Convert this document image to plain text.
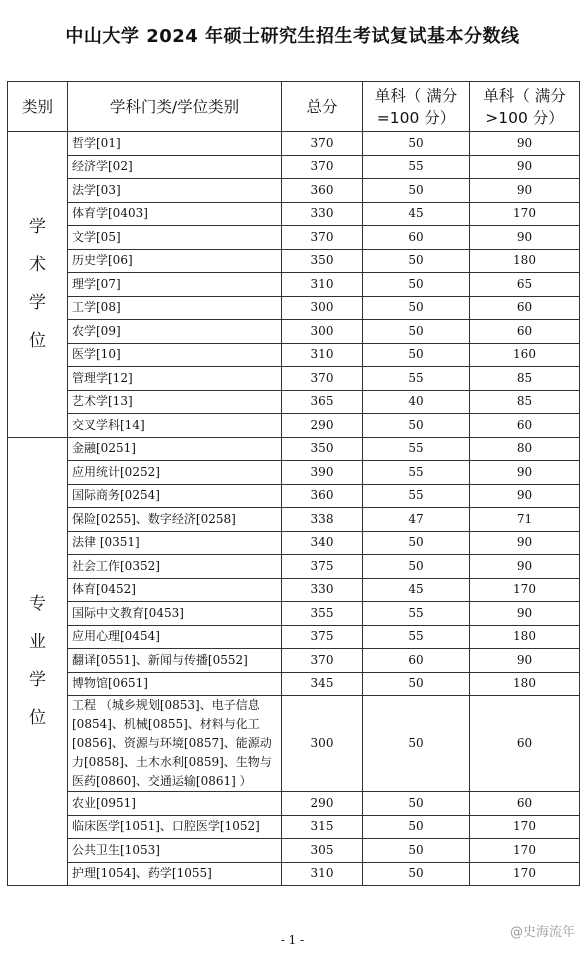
中山大学 2024 年硕士研究生招生考试复试基本分数线
类别	学科门类/学位类别	总分	单科（ 满分=100 分）	单科（ 满分>100 分）
学术学位	哲学[01]	370	50	90
	经济学[02]	370	55	90
	法学[03]	360	50	90
	体育学[0403]	330	45	170
	文学[05]	370	60	90
	历史学[06]	350	50	180
	理学[07]	310	50	65
	工学[08]	300	50	60
	农学[09]	300	50	60
	医学[10]	310	50	160
	管理学[12]	370	55	85
	艺术学[13]	365	40	85
	交叉学科[14]	290	50	60
专业学位	金融[0251]	350	55	80
	应用统计[0252]	390	55	90
	国际商务[0254]	360	55	90
	保险[0255]、数字经济[0258]	338	47	71
	法律 [0351]	340	50	90
	社会工作[0352]	375	50	90
	体育[0452]	330	45	170
	国际中文教育[0453]	355	55	90
	应用心理[0454]	375	55	180
	翻译[0551]、新闻与传播[0552]	370	60	90
	博物馆[0651]	345	50	180

	工程 （城乡规划[0853]、电子信息[0854]、机械[0855]、材料与化工[0856]、资源与环境[0857]、能源动力[0858]、土木水利[0859]、生物与医药[0860]、交通运输[0861] ）	300	50	60
	农业[0951]	290	50	60
	临床医学[1051]、口腔医学[1052]	315	50	170
	公共卫生[1053]	305	50	170
	护理[1054]、药学[1055]	310	50	170
- 1 -	@史海流年
